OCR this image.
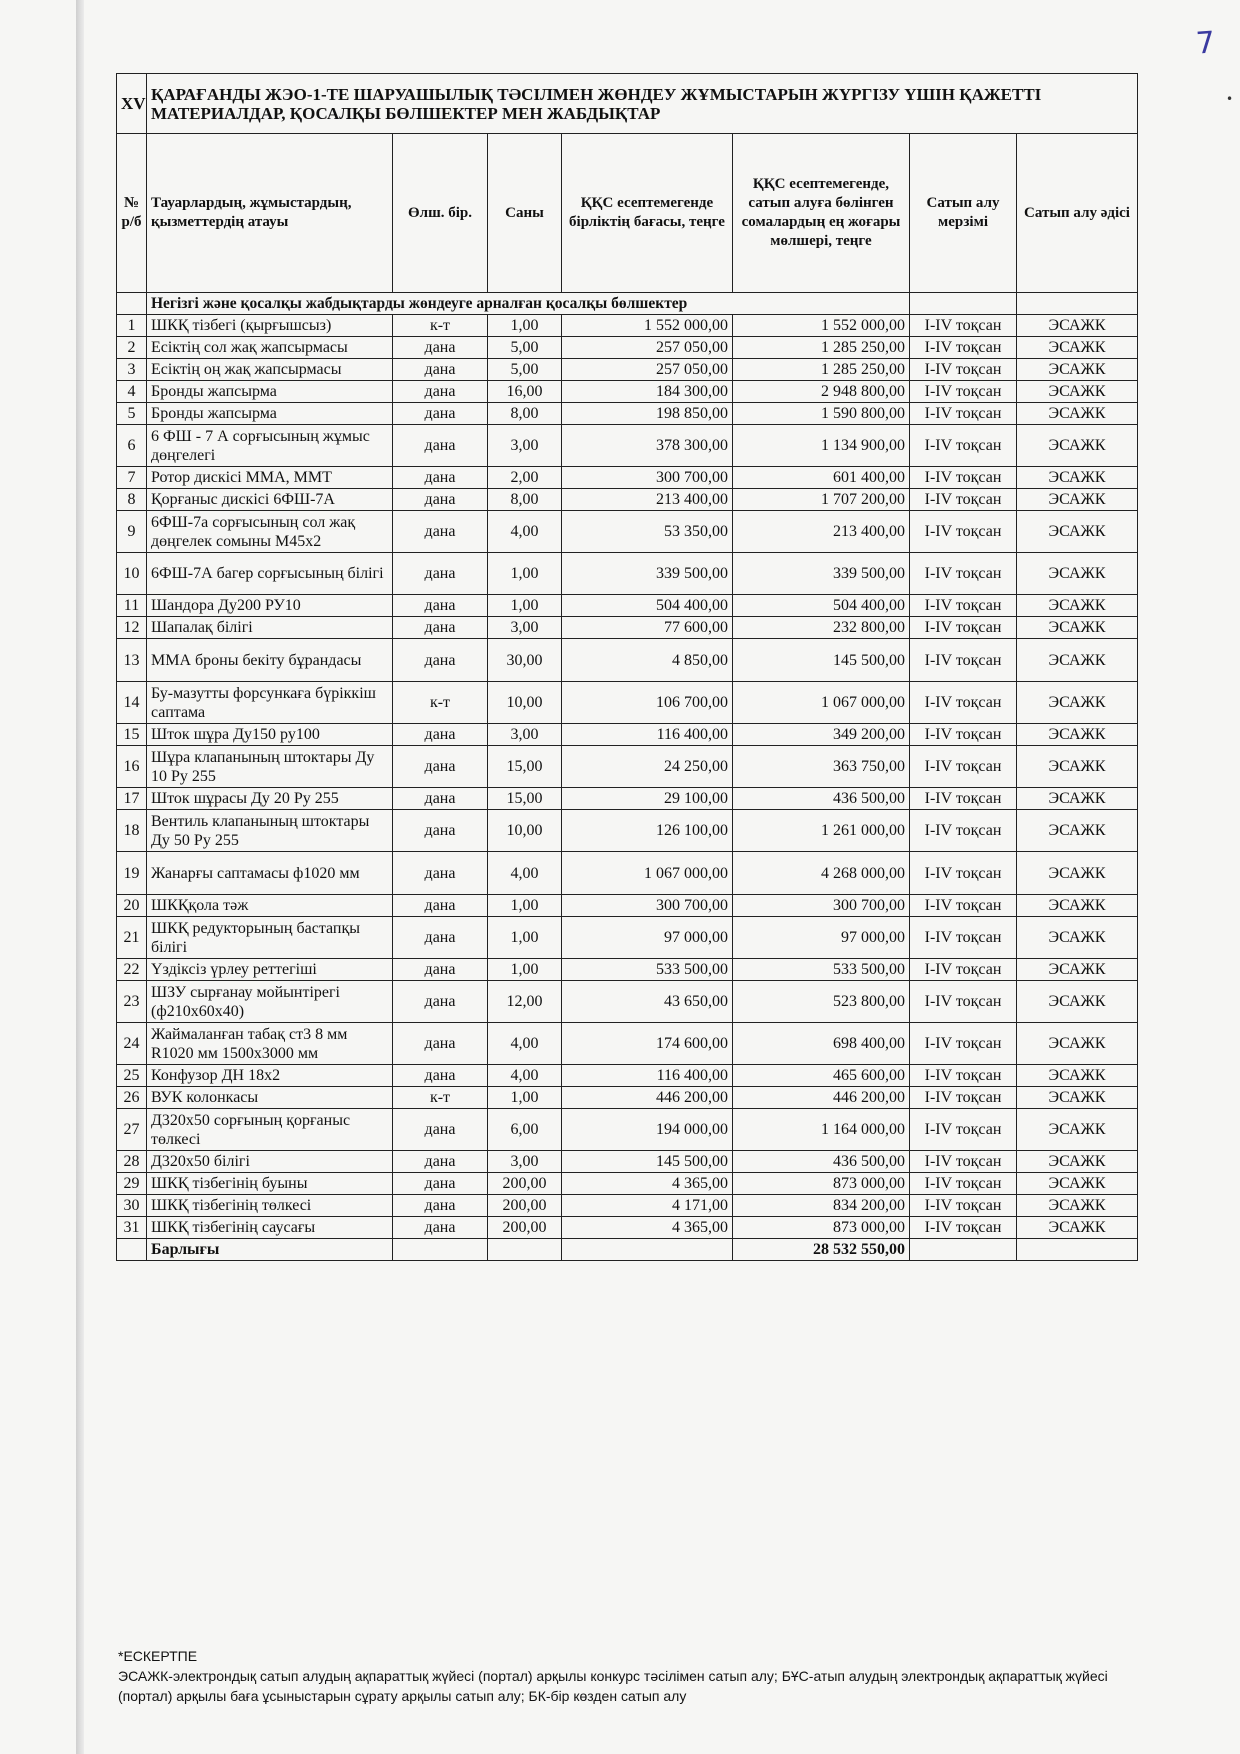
7
•
XV	ҚАРАҒАНДЫ ЖЭО-1-ТЕ ШАРУАШЫЛЫҚ ТӘСІЛМЕН ЖӨНДЕУ ЖҰМЫСТАРЫН ЖҮРГІЗУ ҮШІН ҚАЖЕТТІ МАТЕРИАЛДАР, ҚОСАЛҚЫ БӨЛШЕКТЕР МЕН ЖАБДЫҚТАР						
№ р/б	Тауарлардың, жұмыстардың, қызметтердің атауы	Өлш. бір.	Саны	ҚҚС есептемегенде бірліктің бағасы, теңге	ҚҚС есептемегенде, сатып алуға бөлінген сомалардың ең жоғары мөлшері, теңге	Сатып алу мерзімі	Сатып алу әдісі
	Негізгі және қосалқы жабдықтарды жөндеуге арналған қосалқы бөлшектер						
1	ШКҚ тізбегі (қырғышсыз)	к-т	1,00	1 552 000,00	1 552 000,00	I-IV тоқсан	ЭСАЖК
2	Есіктің сол жақ жапсырмасы	дана	5,00	257 050,00	1 285 250,00	I-IV тоқсан	ЭСАЖК
3	Есіктің оң жақ жапсырмасы	дана	5,00	257 050,00	1 285 250,00	I-IV тоқсан	ЭСАЖК
4	Бронды жапсырма	дана	16,00	184 300,00	2 948 800,00	I-IV тоқсан	ЭСАЖК
5	Бронды жапсырма	дана	8,00	198 850,00	1 590 800,00	I-IV тоқсан	ЭСАЖК
6	6 ФШ - 7 А сорғысының жұмыс дөңгелегі	дана	3,00	378 300,00	1 134 900,00	I-IV тоқсан	ЭСАЖК
7	Ротор дискісі ММА, ММТ	дана	2,00	300 700,00	601 400,00	I-IV тоқсан	ЭСАЖК
8	Қорғаныс дискісі 6ФШ-7А	дана	8,00	213 400,00	1 707 200,00	I-IV тоқсан	ЭСАЖК
9	6ФШ-7а сорғысының сол жақ дөңгелек сомыны М45х2	дана	4,00	53 350,00	213 400,00	I-IV тоқсан	ЭСАЖК
10	6ФШ-7А багер сорғысының білігі	дана	1,00	339 500,00	339 500,00	I-IV тоқсан	ЭСАЖК
11	Шандора Ду200 РУ10	дана	1,00	504 400,00	504 400,00	I-IV тоқсан	ЭСАЖК
12	Шапалақ білігі	дана	3,00	77 600,00	232 800,00	I-IV тоқсан	ЭСАЖК
13	ММА броны бекіту бұрандасы	дана	30,00	4 850,00	145 500,00	I-IV тоқсан	ЭСАЖК
14	Бу-мазутты форсункаға бүріккіш саптама	к-т	10,00	106 700,00	1 067 000,00	I-IV тоқсан	ЭСАЖК
15	Шток шұра Ду150 ру100	дана	3,00	116 400,00	349 200,00	I-IV тоқсан	ЭСАЖК
16	Шұра клапанының штоктары Ду 10 Ру 255	дана	15,00	24 250,00	363 750,00	I-IV тоқсан	ЭСАЖК
17	Шток шұрасы Ду 20 Ру 255	дана	15,00	29 100,00	436 500,00	I-IV тоқсан	ЭСАЖК
18	Вентиль клапанының штоктары Ду 50 Ру 255	дана	10,00	126 100,00	1 261 000,00	I-IV тоқсан	ЭСАЖК
19	Жанарғы саптамасы ф1020 мм	дана	4,00	1 067 000,00	4 268 000,00	I-IV тоқсан	ЭСАЖК
20	ШКҚқола тәж	дана	1,00	300 700,00	300 700,00	I-IV тоқсан	ЭСАЖК
21	ШКҚ редукторының бастапқы білігі	дана	1,00	97 000,00	97 000,00	I-IV тоқсан	ЭСАЖК
22	Үздіксіз үрлеу реттегіші	дана	1,00	533 500,00	533 500,00	I-IV тоқсан	ЭСАЖК
23	ШЗУ сырғанау мойынтірегі (ф210х60х40)	дана	12,00	43 650,00	523 800,00	I-IV тоқсан	ЭСАЖК
24	Жаймаланған табақ ст3 8 мм R1020 мм 1500х3000 мм	дана	4,00	174 600,00	698 400,00	I-IV тоқсан	ЭСАЖК
25	Конфузор ДН 18х2	дана	4,00	116 400,00	465 600,00	I-IV тоқсан	ЭСАЖК
26	ВУК колонкасы	к-т	1,00	446 200,00	446 200,00	I-IV тоқсан	ЭСАЖК
27	Д320х50 сорғының қорғаныс төлкесі	дана	6,00	194 000,00	1 164 000,00	I-IV тоқсан	ЭСАЖК
28	Д320х50 білігі	дана	3,00	145 500,00	436 500,00	I-IV тоқсан	ЭСАЖК
29	ШКҚ тізбегінің буыны	дана	200,00	4 365,00	873 000,00	I-IV тоқсан	ЭСАЖК
30	ШКҚ тізбегінің төлкесі	дана	200,00	4 171,00	834 200,00	I-IV тоқсан	ЭСАЖК
31	ШКҚ тізбегінің саусағы	дана	200,00	4 365,00	873 000,00	I-IV тоқсан	ЭСАЖК
	Барлығы				28 532 550,00		
*ЕСКЕРТПЕ
ЭСАЖК-электрондық сатып алудың ақпараттық жүйесі (портал) арқылы конкурс тәсілімен сатып алу; БҰС-атып алудың электрондық ақпараттық жүйесі (портал) арқылы баға ұсыныстарын сұрату арқылы сатып алу; БК-бір көзден сатып алу
